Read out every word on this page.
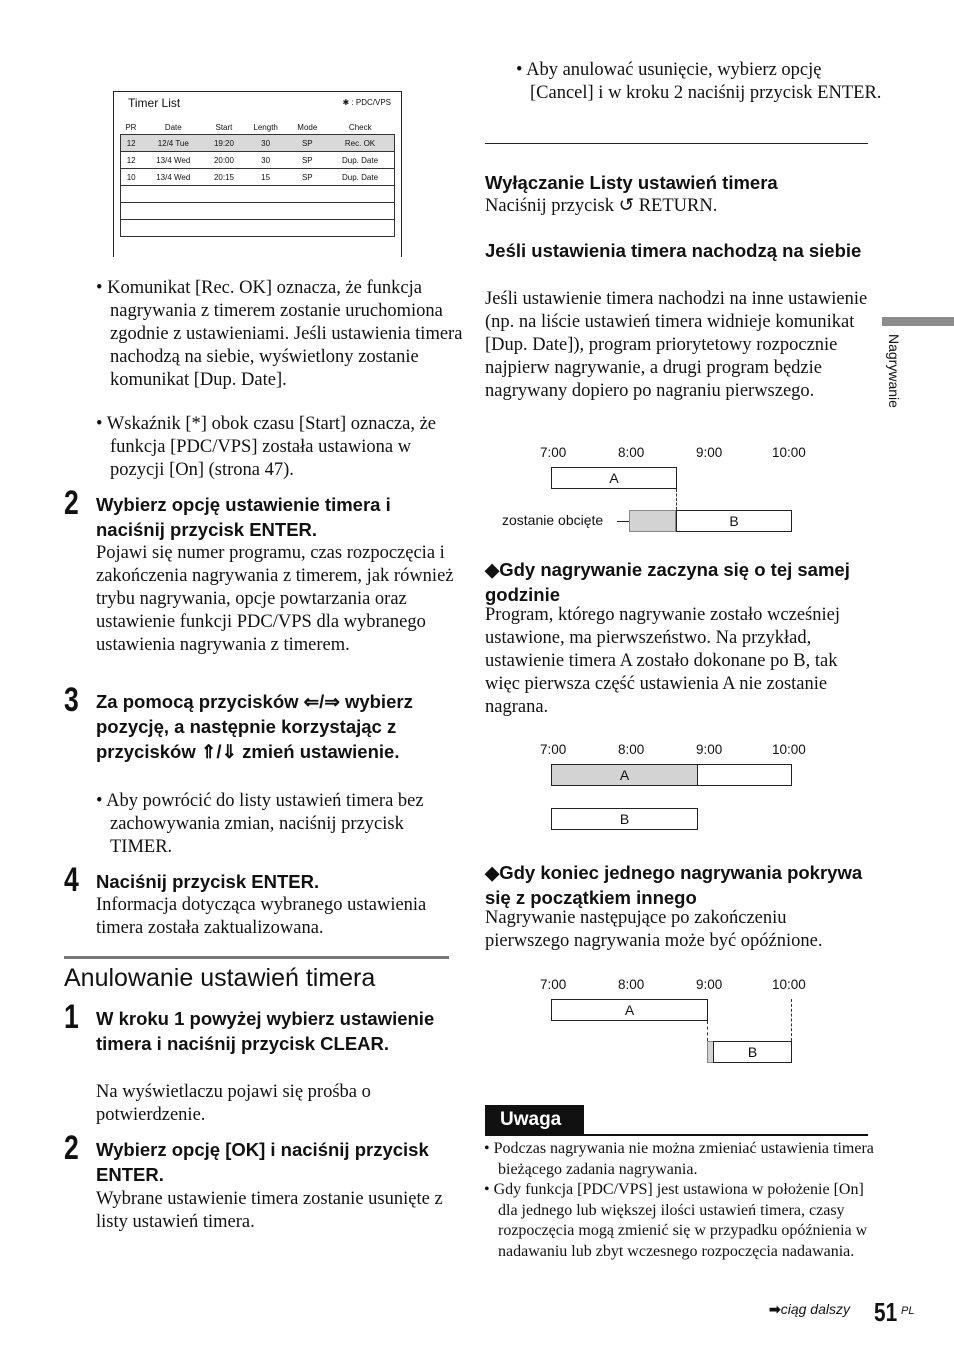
Timer List	✱ : PDC/VPS
PR	Date	Start	Length	Mode	Check
12	12/4 Tue	19:20	30	SP	Rec. OK
12	13/4 Wed	20:00	30	SP	Dup. Date
10	13/4 Wed	20:15	15	SP	Dup. Date

• Komunikat [Rec. OK] oznacza, że funkcja nagrywania z timerem zostanie uruchomiona zgodnie z ustawieniami. Jeśli ustawienia timera nachodzą na siebie, wyświetlony zostanie komunikat [Dup. Date].
• Wskaźnik [*] obok czasu [Start] oznacza, że funkcja [PDC/VPS] została ustawiona w pozycji [On] (strona 47).
2 Wybierz opcję ustawienie timera i naciśnij przycisk ENTER.
Pojawi się numer programu, czas rozpoczęcia i zakończenia nagrywania z timerem, jak również trybu nagrywania, opcje powtarzania oraz ustawienie funkcji PDC/VPS dla wybranego ustawienia nagrywania z timerem.
3 Za pomocą przycisków ⇐/⇒ wybierz pozycję, a następnie korzystając z przycisków ⇑/⇓ zmień ustawienie.
• Aby powrócić do listy ustawień timera bez zachowywania zmian, naciśnij przycisk TIMER.
4 Naciśnij przycisk ENTER.
Informacja dotycząca wybranego ustawienia timera została zaktualizowana.
Anulowanie ustawień timera
1 W kroku 1 powyżej wybierz ustawienie timera i naciśnij przycisk CLEAR.
Na wyświetlaczu pojawi się prośba o potwierdzenie.
2 Wybierz opcję [OK] i naciśnij przycisk ENTER.
Wybrane ustawienie timera zostanie usunięte z listy ustawień timera.
• Aby anulować usunięcie, wybierz opcję [Cancel] i w kroku 2 naciśnij przycisk ENTER.
Wyłączanie Listy ustawień timera
Naciśnij przycisk ↺ RETURN.
Jeśli ustawienia timera nachodzą na siebie
Jeśli ustawienie timera nachodzi na inne ustawienie (np. na liście ustawień timera widnieje komunikat [Dup. Date]), program priorytetowy rozpocznie najpierw nagrywanie, a drugi program będzie nagrywany dopiero po nagraniu pierwszego.
7:00	8:00	9:00	10:00
A
zostanie obcięte	B
◆Gdy nagrywanie zaczyna się o tej samej godzinie
Program, którego nagrywanie zostało wcześniej ustawione, ma pierwszeństwo. Na przykład, ustawienie timera A zostało dokonane po B, tak więc pierwsza część ustawienia A nie zostanie nagrana.
7:00	8:00	9:00	10:00
A
B
◆Gdy koniec jednego nagrywania pokrywa się z początkiem innego
Nagrywanie następujące po zakończeniu pierwszego nagrywania może być opóźnione.
7:00	8:00	9:00	10:00
A
B
Uwaga
• Podczas nagrywania nie można zmieniać ustawienia timera bieżącego zadania nagrywania.
• Gdy funkcja [PDC/VPS] jest ustawiona w położenie [On] dla jednego lub większej ilości ustawień timera, czasy rozpoczęcia mogą zmienić się w przypadku opóźnienia w nadawaniu lub zbyt wczesnego rozpoczęcia nadawania.
Nagrywanie
➡ciąg dalszy 51 PL
